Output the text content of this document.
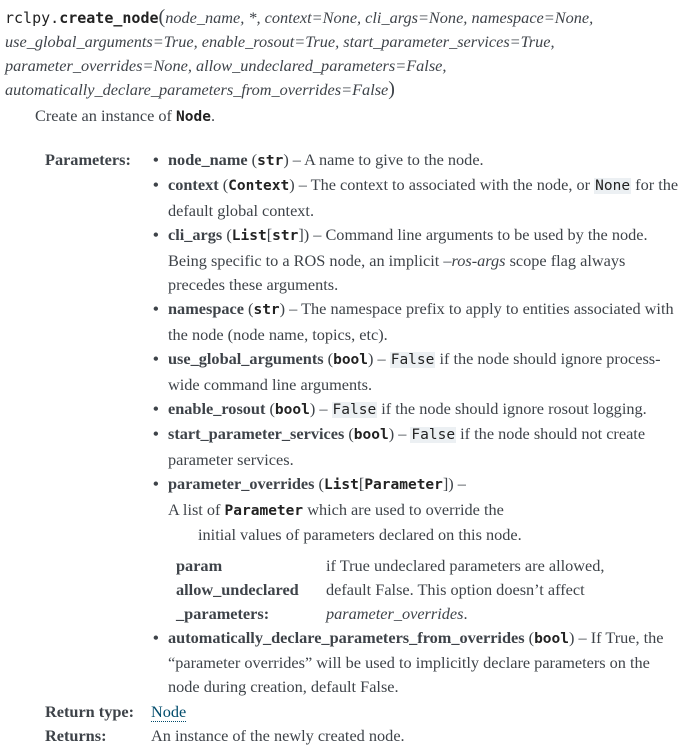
rclpy.create_node(node_name, *, context=None, cli_args=None, namespace=None, use_global_arguments=True, enable_rosout=True, start_parameter_services=True, parameter_overrides=None, allow_undeclared_parameters=False, automatically_declare_parameters_from_overrides=False)
Create an instance of Node.
Parameters:	• node_name (str) – A name to give to the node.
• context (Context) – The context to associated with the node, or None for the default global context.
• cli_args (List[str]) – Command line arguments to be used by the node. Being specific to a ROS node, an implicit –ros-args scope flag always precedes these arguments.
• namespace (str) – The namespace prefix to apply to entities associated with the node (node name, topics, etc).
• use_global_arguments (bool) – False if the node should ignore process-wide command line arguments.
• enable_rosout (bool) – False if the node should ignore rosout logging.
• start_parameter_services (bool) – False if the node should not create parameter services.
• parameter_overrides (List[Parameter]) –
A list of Parameter which are used to override the
initial values of parameters declared on this node.
param	if True undeclared parameters are allowed,
allow_undeclared	default False. This option doesn’t affect
_parameters:	parameter_overrides.
• automatically_declare_parameters_from_overrides (bool) – If True, the “parameter overrides” will be used to implicitly declare parameters on the node during creation, default False.
Return type:	Node
Returns:	An instance of the newly created node.
